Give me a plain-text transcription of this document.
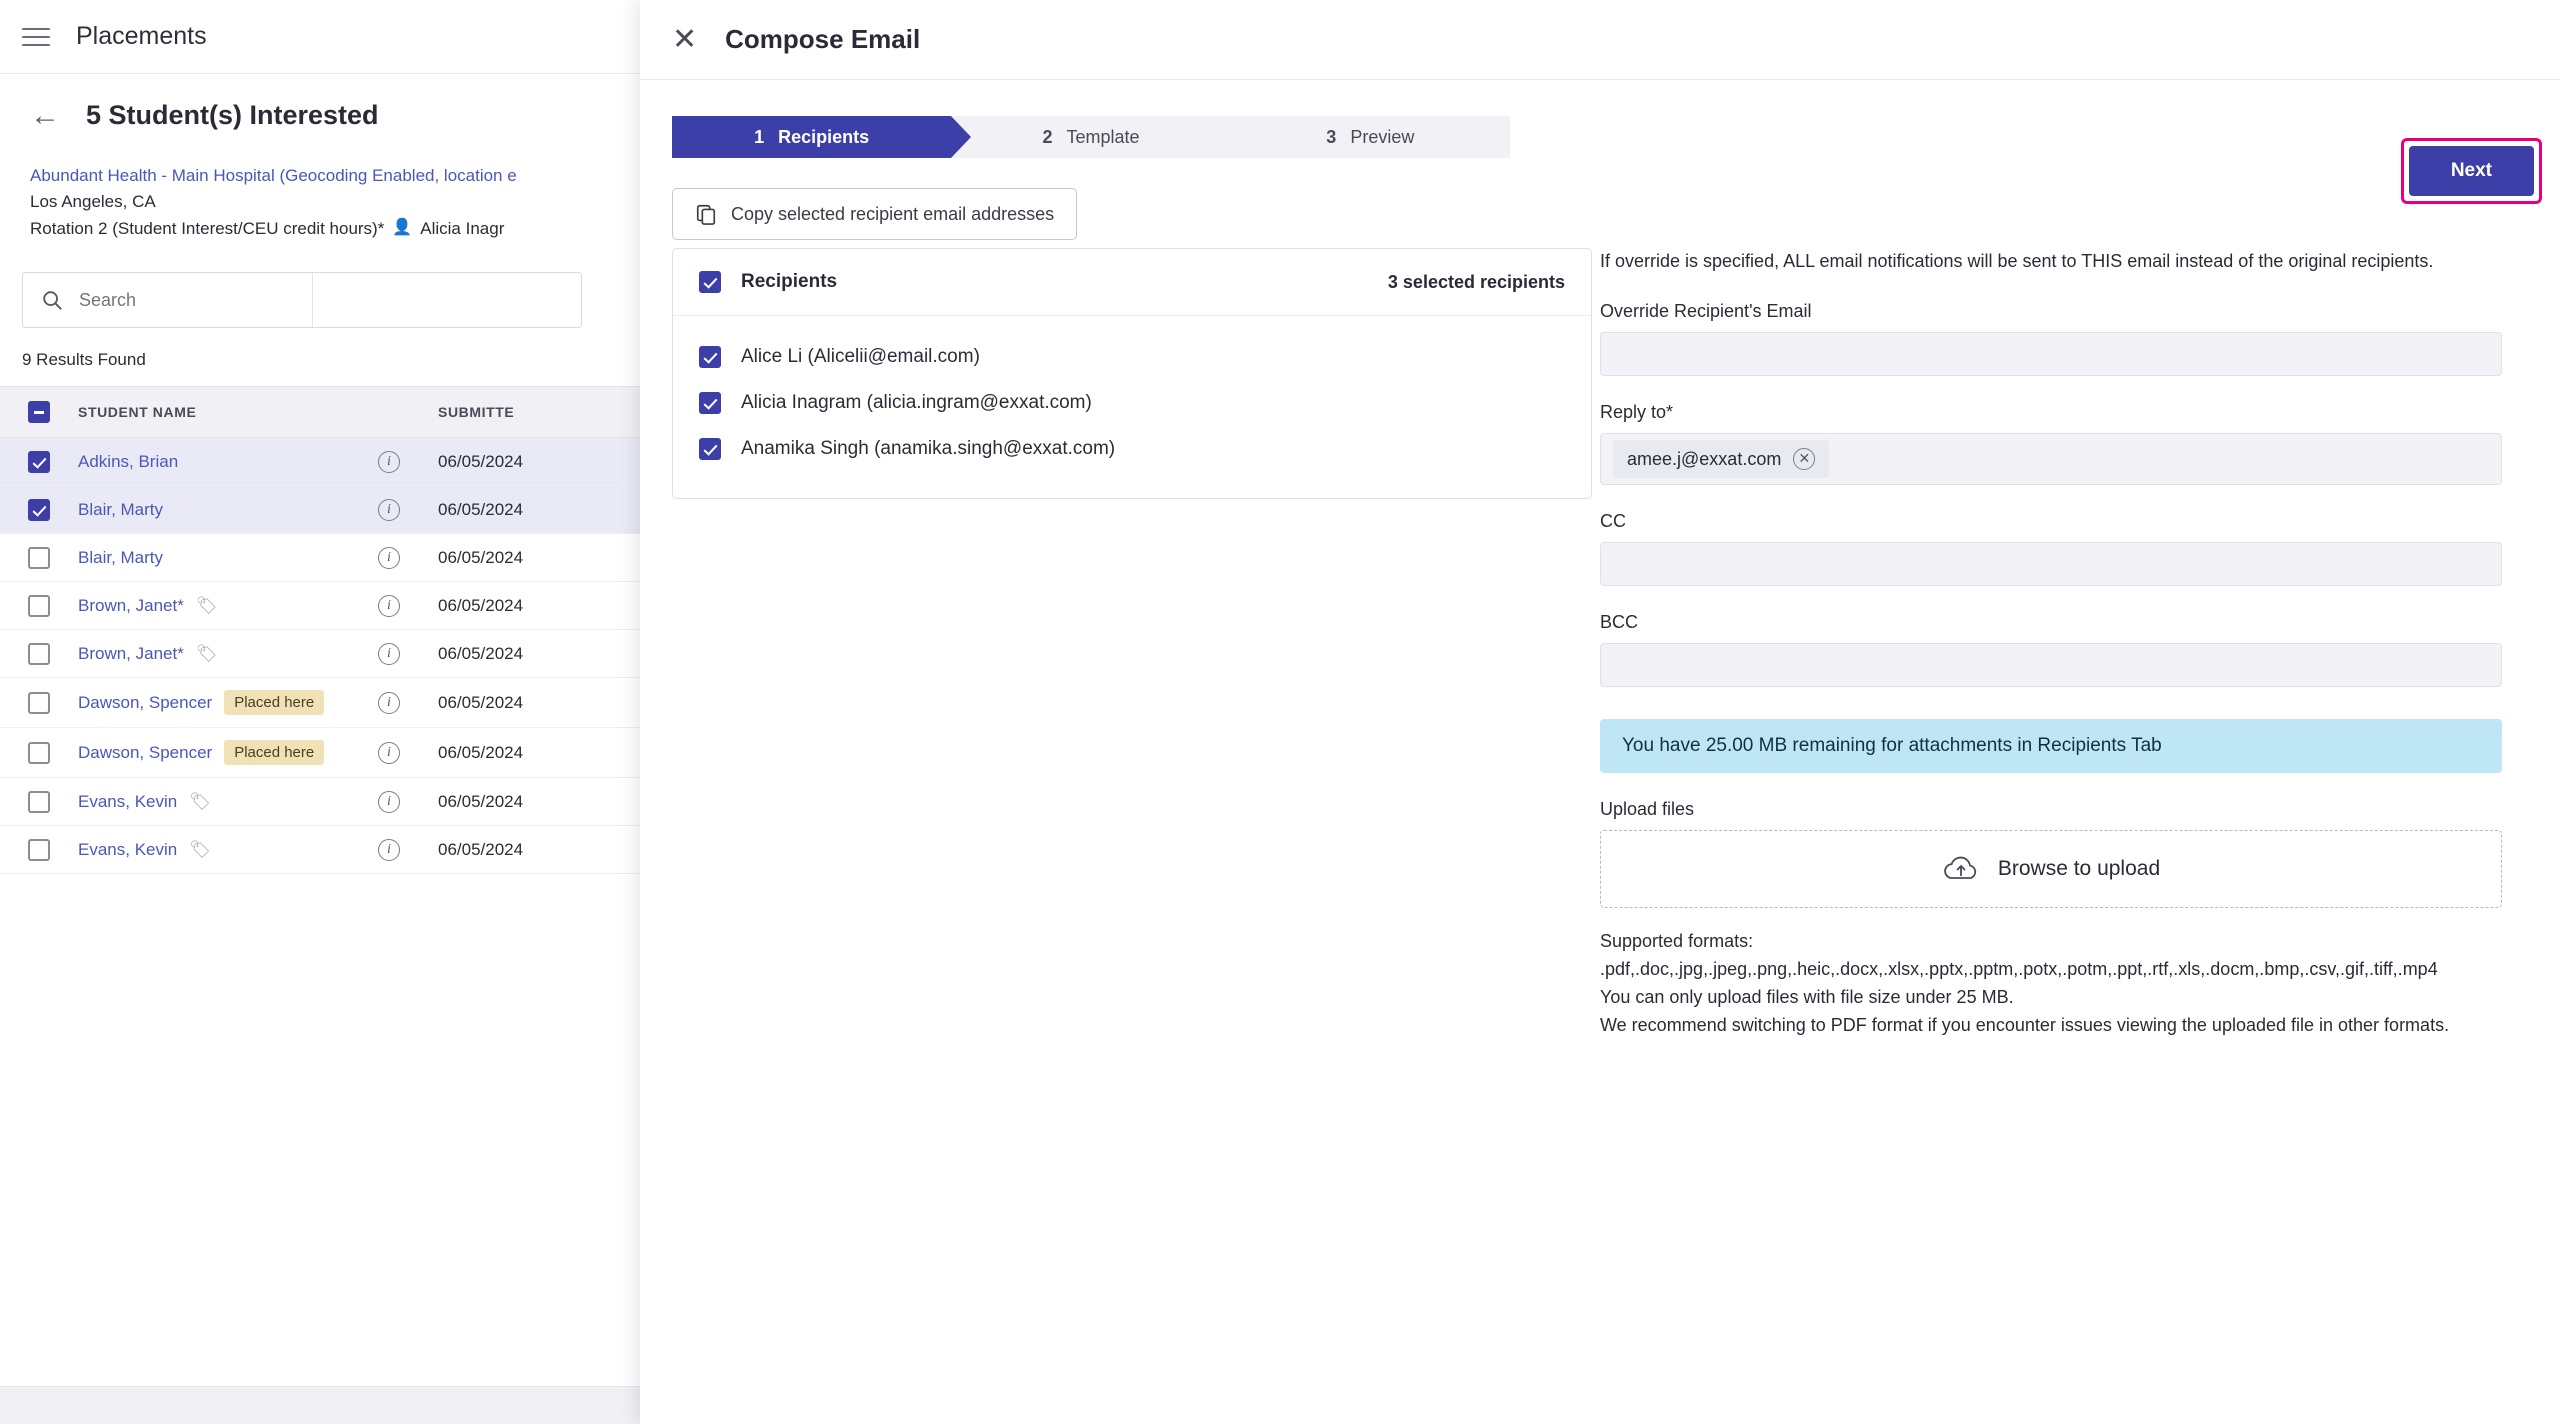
Placements
← 5 Student(s) Interested
Abundant Health - Main Hospital (Geocoding Enabled, location e
Los Angeles, CA
Rotation 2 (Student Interest/CEU credit hours)* 👤 Alicia Inagr
Search
9 Results Found
	STUDENT NAME		SUBMITTE

	Adkins, Brian	i	06/05/2024

	Blair, Marty	i	06/05/2024

	Blair, Marty	i	06/05/2024

	Brown, Janet* 🏷	i	06/05/2024

	Brown, Janet* 🏷	i	06/05/2024

	Dawson, Spencer Placed here	i	06/05/2024

	Dawson, Spencer Placed here	i	06/05/2024

	Evans, Kevin 🏷	i	06/05/2024

	Evans, Kevin 🏷	i	06/05/2024
✕ Compose Email
1 Recipients	2 Template	3 Preview
Copy selected recipient email addresses
Next
Recipients	3 selected recipients
Alice Li (Alicelii@email.com)
Alicia Inagram (alicia.ingram@exxat.com)
Anamika Singh (anamika.singh@exxat.com)
If override is specified, ALL email notifications will be sent to THIS email instead of the original recipients.
Override Recipient's Email
Reply to*
amee.j@exxat.com	✕
CC
BCC
You have 25.00 MB remaining for attachments in Recipients Tab
Upload files
Browse to upload
Supported formats:
.pdf,.doc,.jpg,.jpeg,.png,.heic,.docx,.xlsx,.pptx,.pptm,.potx,.potm,.ppt,.rtf,.xls,.docm,.bmp,.csv,.gif,.tiff,.mp4
You can only upload files with file size under 25 MB.
We recommend switching to PDF format if you encounter issues viewing the uploaded file in other formats.
